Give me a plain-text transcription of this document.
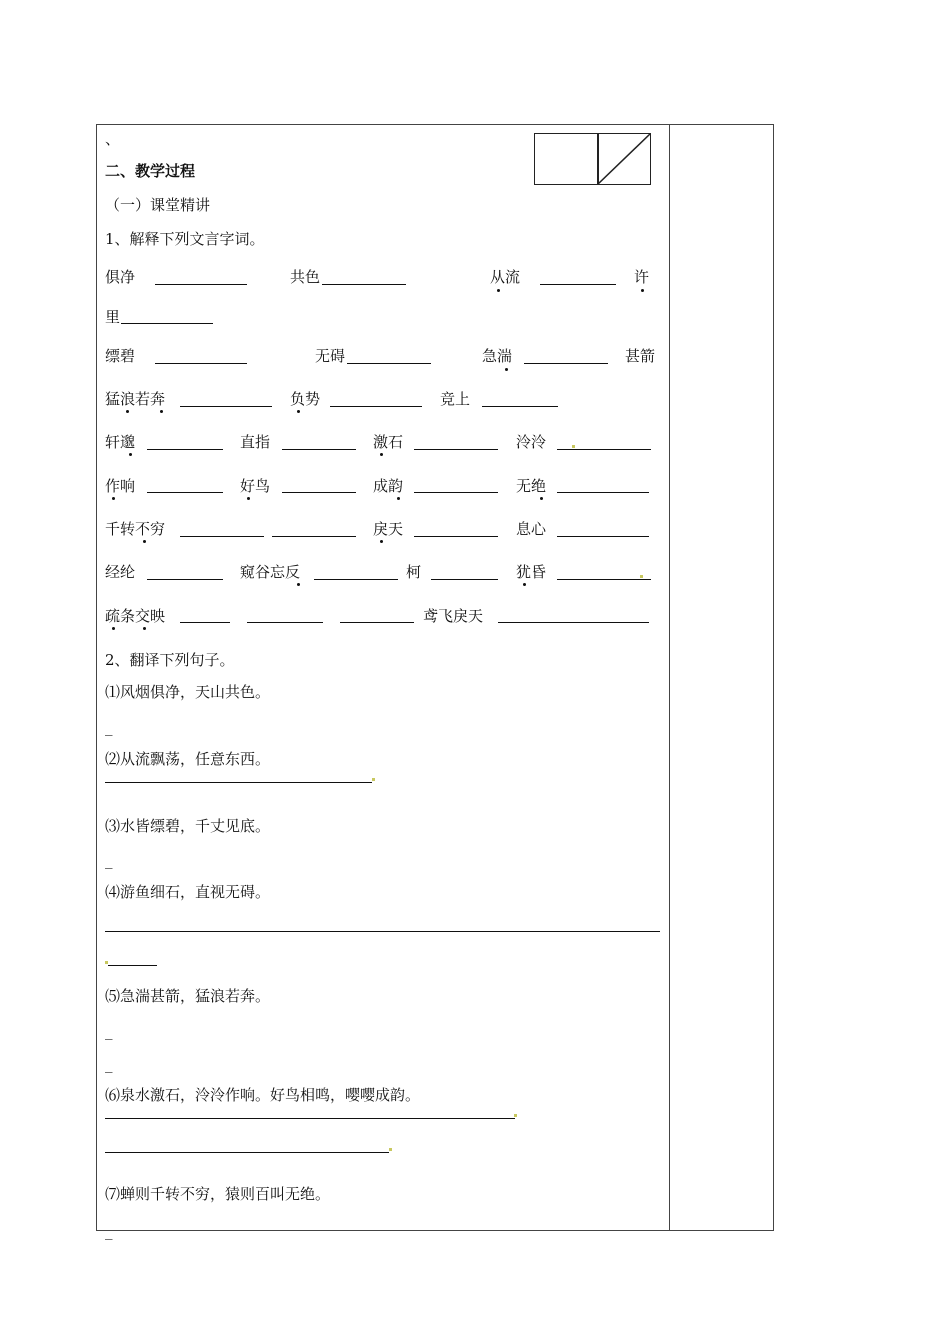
、
二、教学过程
（一）课堂精讲
1、解释下列文言字词。
俱净	共色	从流	许
里
缥碧	无碍	急湍	甚箭
猛浪若奔	负势	竞上
轩邈	直指	激石	泠泠
作响	好鸟	成韵	无绝
千转不穷	戾天	息心
经纶	窥谷忘反	柯	犹昏
疏条交映	鸢飞戾天
2、翻译下列句子。
⑴风烟俱净，天山共色。
_
⑵从流飘荡，任意东西。
⑶水皆缥碧，千丈见底。
_
⑷游鱼细石，直视无碍。
⑸急湍甚箭，猛浪若奔。
_
_
⑹泉水激石，泠泠作响。好鸟相鸣，嘤嘤成韵。
⑺蝉则千转不穷，猿则百叫无绝。
_
